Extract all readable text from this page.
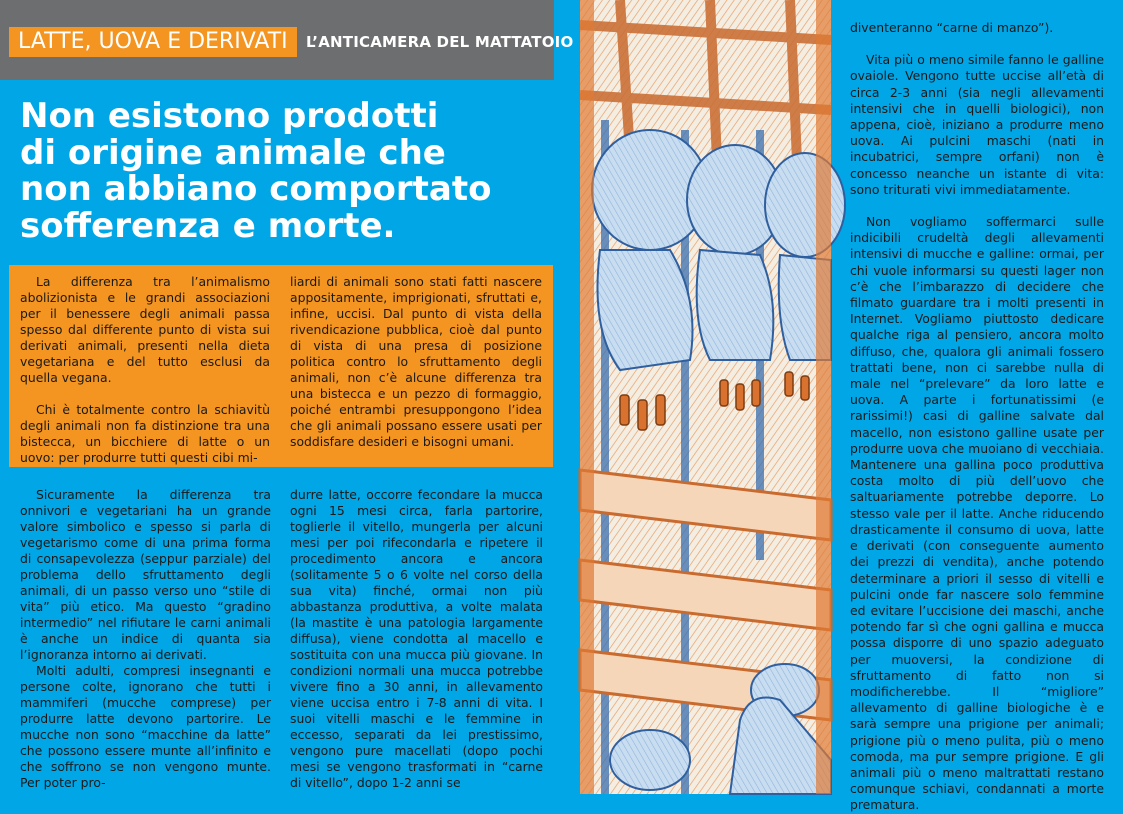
LATTE, UOVA E DERIVATI	L’ANTICAMERA DEL MATTATOIO
Non esistono prodotti
di origine animale che
non abbiano comportato
sofferenza e morte.

La differenza tra l’animalismo abolizionista e le grandi associazioni per il benessere degli animali passa spesso dal differente punto di vista sui derivati animali, presenti nella dieta vegetariana e del tutto esclusi da quella vegana.

Chi è totalmente contro la schiavitù degli animali non fa distinzione tra una bistecca, un bicchiere di latte o un uovo: per produrre tutti questi cibi mi-

liardi di animali sono stati fatti nascere appositamente, imprigionati, sfruttati e, infine, uccisi. Dal punto di vista della rivendicazione pubblica, cioè dal punto di vista di una presa di posizione politica contro lo sfruttamento degli animali, non c’è alcune differenza tra una bistecca e un pezzo di formaggio, poiché entrambi presuppongono l’idea che gli animali possano essere usati per soddisfare desideri e bisogni umani.

Sicuramente la differenza tra onnivori e vegetariani ha un grande valore simbolico e spesso si parla di vegetarismo come di una prima forma di consapevolezza (seppur parziale) del problema dello sfruttamento degli animali, di un passo verso uno “stile di vita” più etico. Ma questo “gradino intermedio” nel rifiutare le carni animali è anche un indice di quanta sia l’ignoranza intorno ai derivati.

Molti adulti, compresi insegnanti e persone colte, ignorano che tutti i mammiferi (mucche comprese) per produrre latte devono partorire. Le mucche non sono “macchine da latte” che possono essere munte all’infinito e che soffrono se non vengono munte. Per poter pro-

durre latte, occorre fecondare la mucca ogni 15 mesi circa, farla partorire, toglierle il vitello, mungerla per alcuni mesi per poi rifecondarla e ripetere il procedimento ancora e ancora (solitamente 5 o 6 volte nel corso della sua vita) finché, ormai non più abbastanza produttiva, a volte malata (la mastite è una patologia largamente diffusa), viene condotta al macello e sostituita con una mucca più giovane. In condizioni normali una mucca potrebbe vivere fino a 30 anni, in allevamento viene uccisa entro i 7-8 anni di vita. I suoi vitelli maschi e le femmine in eccesso, separati da lei prestissimo, vengono pure macellati (dopo pochi mesi se vengono trasformati in “carne di vitello”, dopo 1-2 anni se

diventeranno “carne di manzo”).

Vita più o meno simile fanno le galline ovaiole. Vengono tutte uccise all’età di circa 2-3 anni (sia negli allevamenti intensivi che in quelli biologici), non appena, cioè, iniziano a produrre meno uova. Ai pulcini maschi (nati in incubatrici, sempre orfani) non è concesso neanche un istante di vita: sono triturati vivi immediatamente.

Non vogliamo soffermarci sulle indicibili crudeltà degli allevamenti intensivi di mucche e galline: ormai, per chi vuole informarsi su questi lager non c’è che l’imbarazzo di decidere che filmato guardare tra i molti presenti in Internet. Vogliamo piuttosto dedicare qualche riga al pensiero, ancora molto diffuso, che, qualora gli animali fossero trattati bene, non ci sarebbe nulla di male nel “prelevare” da loro latte e uova. A parte i fortunatissimi (e rarissimi!) casi di galline salvate dal macello, non esistono galline usate per produrre uova che muoiano di vecchiaia. Mantenere una gallina poco produttiva costa molto di più dell’uovo che saltuariamente potrebbe deporre. Lo stesso vale per il latte. Anche riducendo drasticamente il consumo di uova, latte e derivati (con conseguente aumento dei prezzi di vendita), anche potendo determinare a priori il sesso di vitelli e pulcini onde far nascere solo femmine ed evitare l’uccisione dei maschi, anche potendo far sì che ogni gallina e mucca possa disporre di uno spazio adeguato per muoversi, la condizione di sfruttamento di fatto non si modificherebbe. Il “migliore” allevamento di galline biologiche è e sarà sempre una prigione per animali; prigione più o meno pulita, più o meno comoda, ma pur sempre prigione. E gli animali più o meno maltrattati restano comunque schiavi, condannati a morte prematura.
